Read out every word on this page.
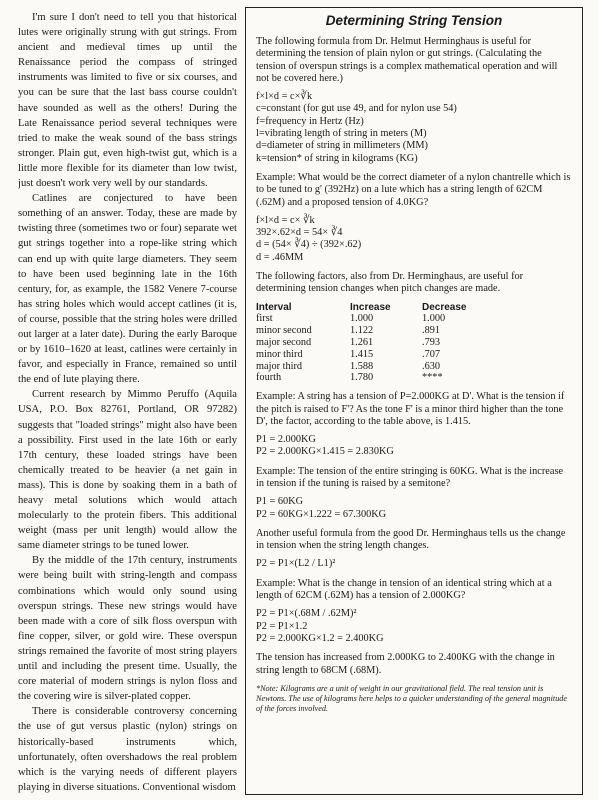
I'm sure I don't need to tell you that historical lutes were originally strung with gut strings. From ancient and medieval times up until the Renaissance period the compass of stringed instruments was limited to five or six courses, and you can be sure that the last bass course couldn't have sounded as well as the others! During the Late Renaissance period several techniques were tried to make the weak sound of the bass strings stronger. Plain gut, even high-twist gut, which is a little more flexible for its diameter than low twist, just doesn't work very well by our standards.

Catlines are conjectured to have been something of an answer. Today, these are made by twisting three (sometimes two or four) separate wet gut strings together into a rope-like string which can end up with quite large diameters. They seem to have been used beginning late in the 16th century, for, as example, the 1582 Venere 7-course has string holes which would accept catlines (it is, of course, possible that the string holes were drilled out larger at a later date). During the early Baroque or by 1610–1620 at least, catlines were certainly in favor, and especially in France, remained so until the end of lute playing there.

Current research by Mimmo Peruffo (Aquila USA, P.O. Box 82761, Portland, OR 97282) suggests that "loaded strings" might also have been a possibility. First used in the late 16th or early 17th century, these loaded strings have been chemically treated to be heavier (a net gain in mass). This is done by soaking them in a bath of heavy metal solutions which would attach molecularly to the protein fibers. This additional weight (mass per unit length) would allow the same diameter strings to be tuned lower.

By the middle of the 17th century, instruments were being built with string-length and compass combinations which would only sound using overspun strings. These new strings would have been made with a core of silk floss overspun with fine copper, silver, or gold wire. These overspun strings remained the favorite of most string players until and including the present time. Usually, the core material of modern strings is nylon floss and the covering wire is silver-plated copper.

There is considerable controversy concerning the use of gut versus plastic (nylon) strings on historically-based instruments which, unfortunately, often overshadows the real problem which is the varying needs of different players playing in diverse situations. Conventional wisdom

Determining String Tension

The following formula from Dr. Helmut Herminghaus is useful for determining the tension of plain nylon or gut strings. (Calculating the tension of overspun strings is a complex mathematical operation and will not be covered here.)

f×l×d = c×∛k
c=constant (for gut use 49, and for nylon use 54)
f=frequency in Hertz (Hz)
l=vibrating length of string in meters (M)
d=diameter of string in millimeters (MM)
k=tension* of string in kilograms (KG)

Example: What would be the correct diameter of a nylon chantrelle which is to be tuned to g' (392Hz) on a lute which has a string length of 62CM (.62M) and a proposed tension of 4.0KG?

f×l×d = c× ∛k
392×.62×d = 54× ∛4
d = (54× ∛4) ÷ (392×.62)
d = .46MM

The following factors, also from Dr. Herminghaus, are useful for determining tension changes when pitch changes are made.

Interval	Increase	Decrease
first	1.000	1.000
minor second	1.122	.891
major second	1.261	.793
minor third	1.415	.707
major third	1.588	.630
fourth	1.780	****

Example: A string has a tension of P=2.000KG at D'. What is the tension if the pitch is raised to F'? As the tone F' is a minor third higher than the tone D', the factor, according to the table above, is 1.415.

P1 = 2.000KG
P2 = 2.000KG×1.415 = 2.830KG

Example: The tension of the entire stringing is 60KG. What is the increase in tension if the tuning is raised by a semitone?

P1 = 60KG
P2 = 60KG×1.222 = 67.300KG

Another useful formula from the good Dr. Herminghaus tells us the change in tension when the string length changes.

P2 = P1×(L2 / L1)²

Example: What is the change in tension of an identical string which at a length of 62CM (.62M) has a tension of 2.000KG?

P2 = P1×(.68M / .62M)²
P2 = P1×1.2
P2 = 2.000KG×1.2 = 2.400KG

The tension has increased from 2.000KG to 2.400KG with the change in string length to 68CM (.68M).

*Note: Kilograms are a unit of weight in our gravitational field. The real tension unit is Newtons. The use of kilograms here helps to a quicker understanding of the general magnitude of the forces involved.
